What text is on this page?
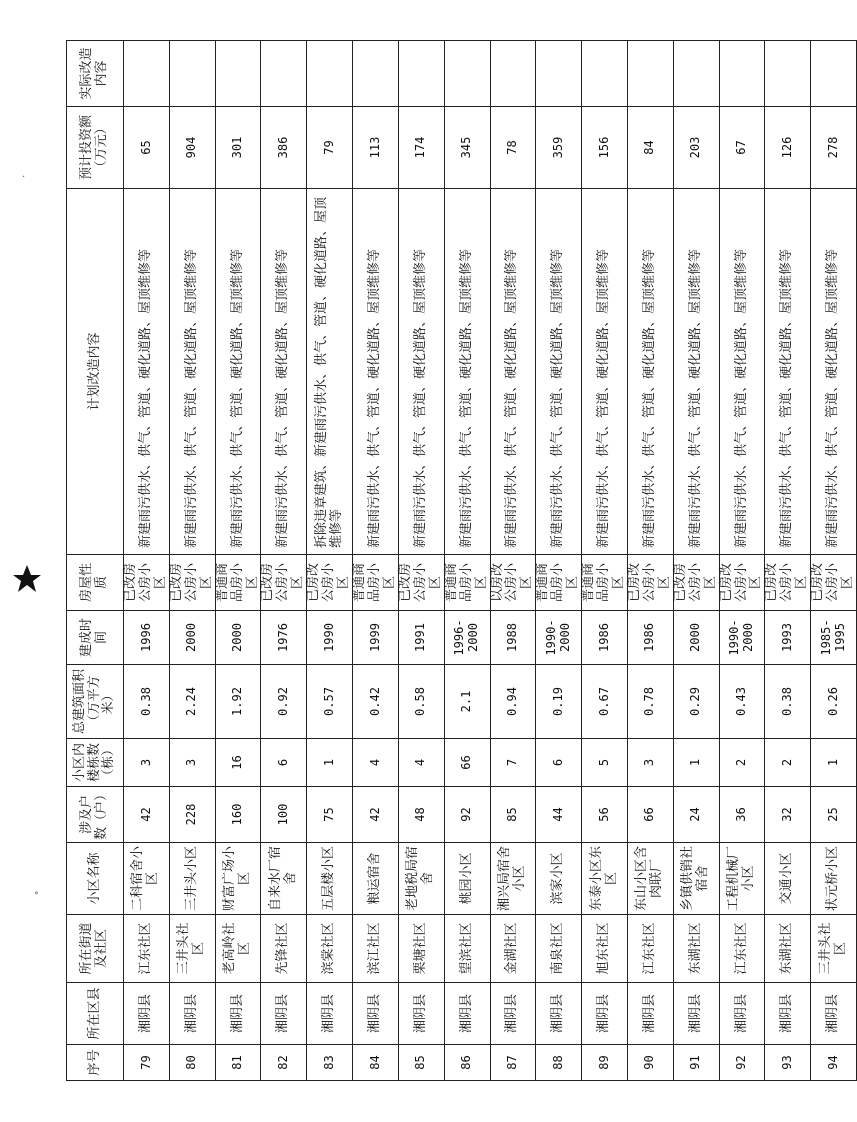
·
∘
序号	所在区县	所在街道及社区	小区名称	涉及户数（户）	小区内楼栋数（栋）	总建筑面积（万平方米）	建成时间	房屋性质	计划改造内容	预计投资额（万元）	实际改造内容
79	湘阴县	江东社区	二科宿舍小区	42	3	0.38	1996	已改房公房小区	新建雨污供水、供气、管道、硬化道路、屋顶维修等	65	
80	湘阴县	三井头社区	三井头小区	228	3	2.24	2000	已改房公房小区	新建雨污供水、供气、管道、硬化道路、屋顶维修等	904	
81	湘阴县	老高岭社区	财富广场小区	160	16	1.92	2000	普通商品房小区	新建雨污供水、供气、管道、硬化道路、屋顶维修等	301	
82	湘阴县	先锋社区	自来水厂宿舍	100	6	0.92	1976	已改房公房小区	新建雨污供水、供气、管道、硬化道路、屋顶维修等	386	
83	湘阴县	滨棠社区	五层楼小区	75	1	0.57	1990	已房改公房小区	拆除违章建筑、新建雨污供水、供气、管道、硬化道路、屋顶维修等	79	
84	湘阴县	滨江社区	粮运宿舍	42	4	0.42	1999	普通商品房小区	新建雨污供水、供气、管道、硬化道路、屋顶维修等	113	
85	湘阴县	栗塘社区	老地税局宿舍	48	4	0.58	1991	已改房公房小区	新建雨污供水、供气、管道、硬化道路、屋顶维修等	174	
86	湘阴县	望滨社区	桃园小区	92	66	2.1	1996-2000	普通商品房小区	新建雨污供水、供气、管道、硬化道路、屋顶维修等	345	
87	湘阴县	金湖社区	湘兴局宿舍小区	85	7	0.94	1988	以房改公房小区	新建雨污供水、供气、管道、硬化道路、屋顶维修等	78	
88	湘阴县	南泉社区	滨家小区	44	6	0.19	1990-2000	普通商品房小区	新建雨污供水、供气、管道、硬化道路、屋顶维修等	359	
89	湘阴县	旭东社区	东泰小区东区	56	5	0.67	1986	普通商品房小区	新建雨污供水、供气、管道、硬化道路、屋顶维修等	156	
90	湘阴县	江东社区	东山小区含肉联厂	66	3	0.78	1986	已房改公房小区	新建雨污供水、供气、管道、硬化道路、屋顶维修等	84	
91	湘阴县	东湖社区	乡镇供销社宿舍	24	1	0.29	2000	已改房公房小区	新建雨污供水、供气、管道、硬化道路、屋顶维修等	203	
92	湘阴县	江东社区	工程机械厂小区	36	2	0.43	1990-2000	已房改公房小区	新建雨污供水、供气、管道、硬化道路、屋顶维修等	67	
93	湘阴县	东湖社区	交通小区	32	2	0.38	1993	已房改公房小区	新建雨污供水、供气、管道、硬化道路、屋顶维修等	126	
94	湘阴县	三井头社区	状元桥小区	25	1	0.26	1985-1995	已房改公房小区	新建雨污供水、供气、管道、硬化道路、屋顶维修等	278	
